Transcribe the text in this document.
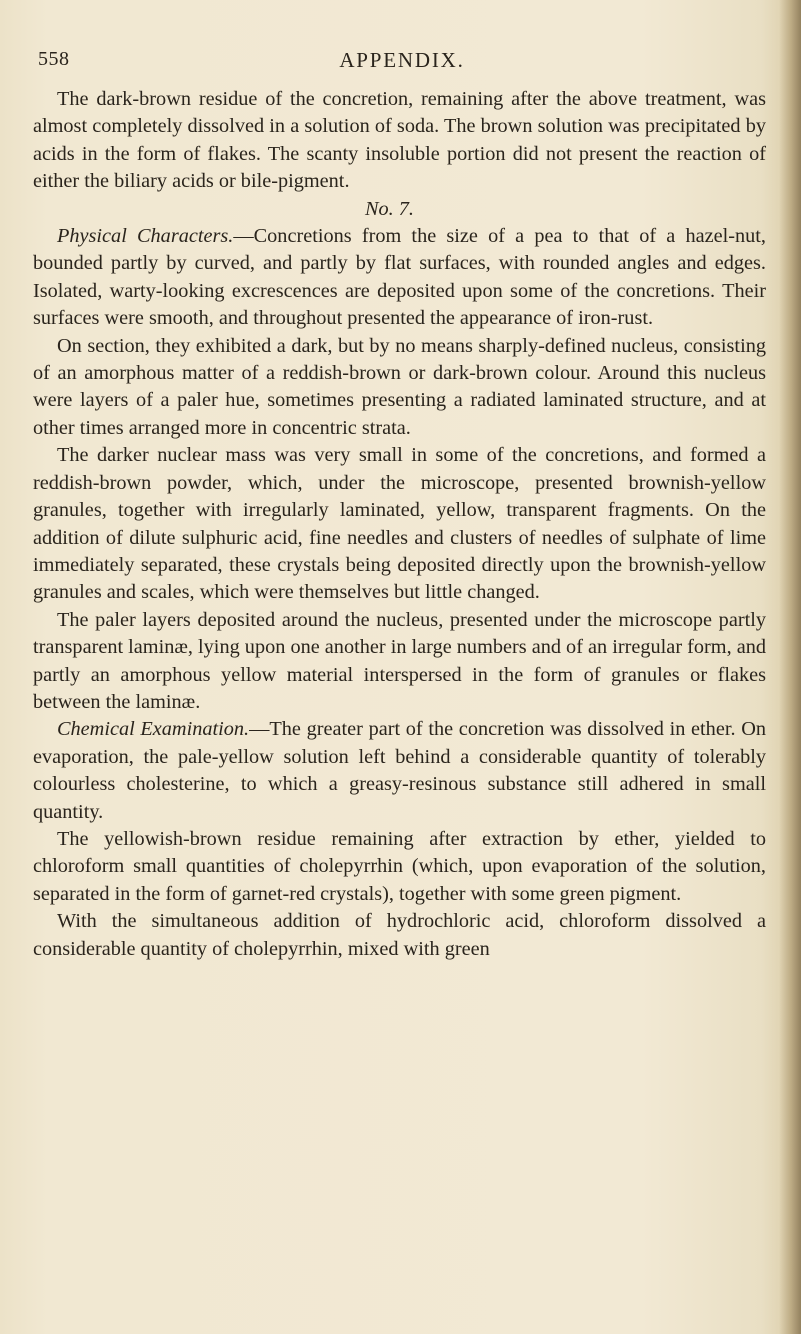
558	APPENDIX.

The dark-brown residue of the concretion, remaining after the above treatment, was almost completely dissolved in a solution of soda. The brown solution was precipitated by acids in the form of flakes. The scanty insoluble portion did not present the reaction of either the biliary acids or bile-pigment.

No. 7.

Physical Characters.—Concretions from the size of a pea to that of a hazel-nut, bounded partly by curved, and partly by flat surfaces, with rounded angles and edges. Isolated, warty-looking excrescences are deposited upon some of the concretions. Their surfaces were smooth, and throughout presented the appearance of iron-rust.

On section, they exhibited a dark, but by no means sharply-defined nucleus, consisting of an amorphous matter of a reddish-brown or dark-brown colour. Around this nucleus were layers of a paler hue, sometimes presenting a radiated laminated structure, and at other times arranged more in concentric strata.

The darker nuclear mass was very small in some of the concretions, and formed a reddish-brown powder, which, under the microscope, presented brownish-yellow granules, together with irregularly laminated, yellow, transparent fragments. On the addition of dilute sulphuric acid, fine needles and clusters of needles of sulphate of lime immediately separated, these crystals being deposited directly upon the brownish-yellow granules and scales, which were themselves but little changed.

The paler layers deposited around the nucleus, presented under the microscope partly transparent laminæ, lying upon one another in large numbers and of an irregular form, and partly an amorphous yellow material interspersed in the form of granules or flakes between the laminæ.

Chemical Examination.—The greater part of the concretion was dissolved in ether. On evaporation, the pale-yellow solution left behind a considerable quantity of tolerably colourless cholesterine, to which a greasy-resinous substance still adhered in small quantity.

The yellowish-brown residue remaining after extraction by ether, yielded to chloroform small quantities of cholepyrrhin (which, upon evaporation of the solution, separated in the form of garnet-red crystals), together with some green pigment.

With the simultaneous addition of hydrochloric acid, chloroform dissolved a considerable quantity of cholepyrrhin, mixed with green
